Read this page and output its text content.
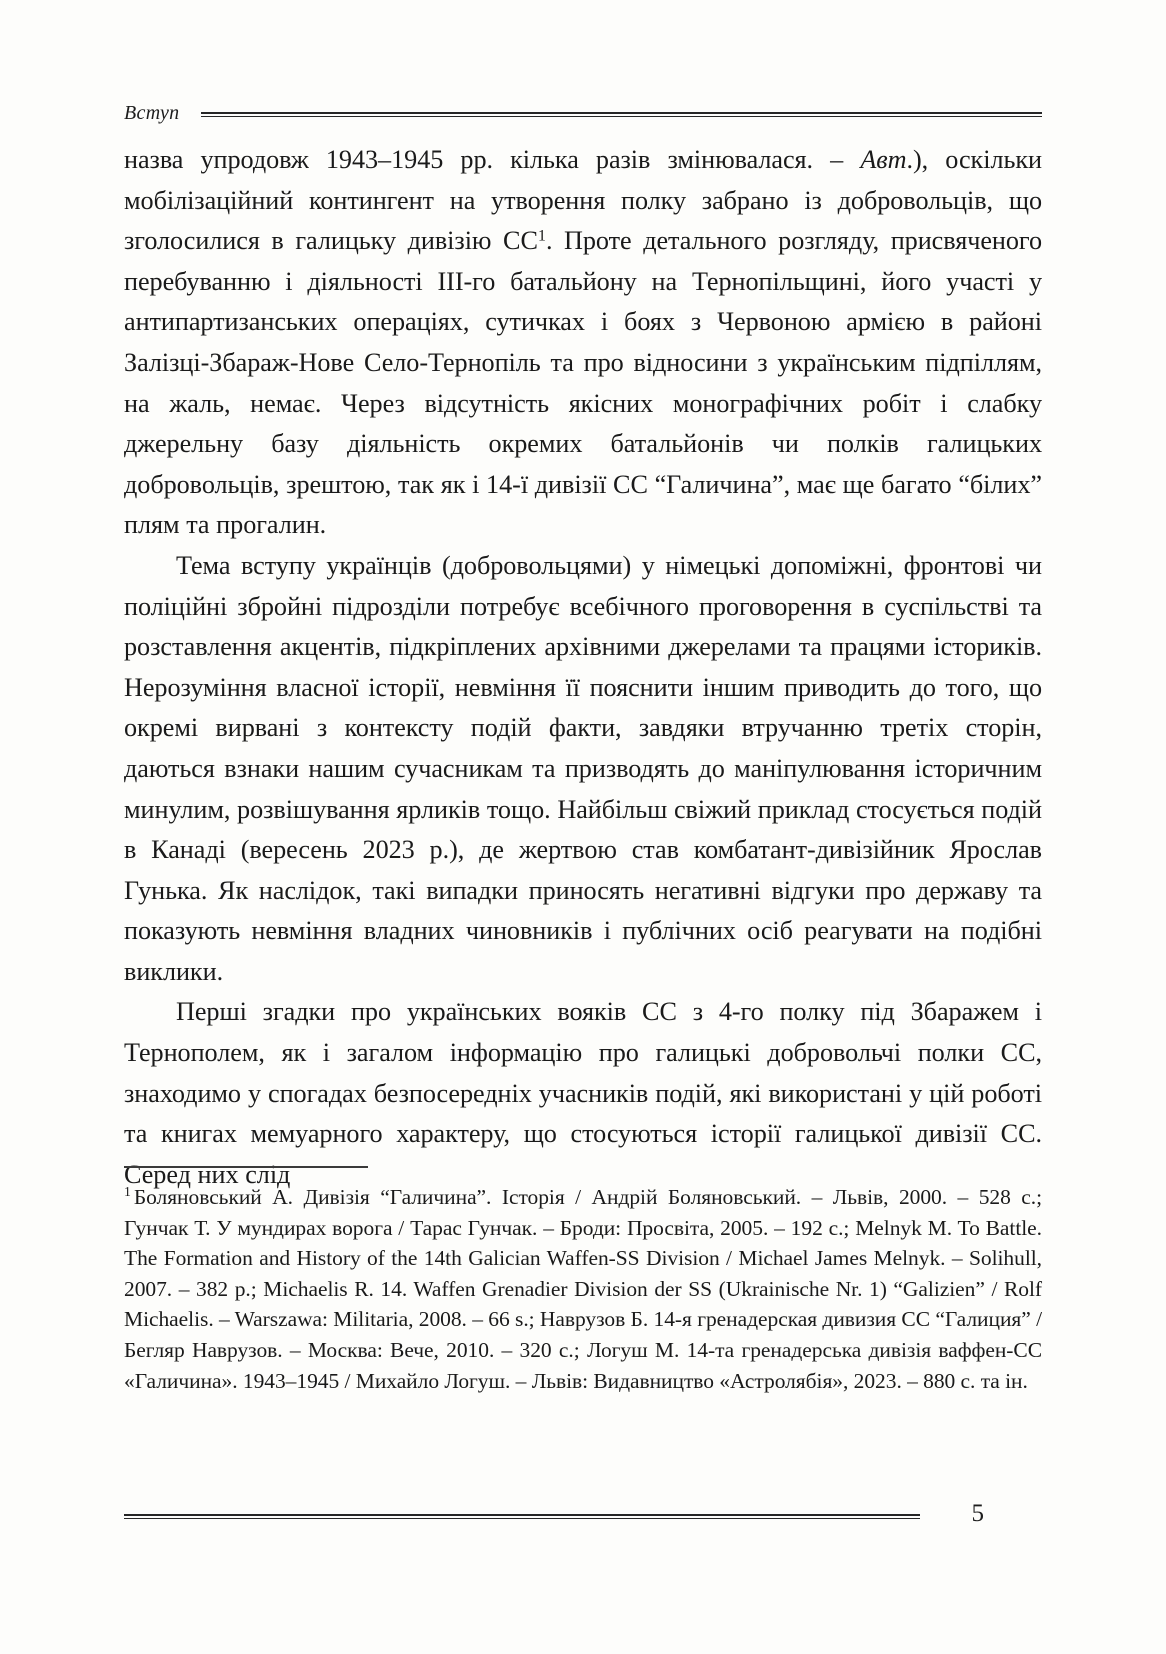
Вступ

назва упродовж 1943–1945 рр. кілька разів змінювалася. – Авт.), оскільки мобілізаційний контингент на утворення полку забрано із добровольців, що зголосилися в галицьку дивізію СС$^1$. Проте детального розгляду, присвяченого перебуванню і діяльності ІІІ-го батальйону на Тернопільщині, його участі у антипартизанських операціях, сутичках і боях з Червоною армією в районі Залізці-Збараж-Нове Село-Тернопіль та про відносини з українським підпіллям, на жаль, немає. Через відсутність якісних монографічних робіт і слабку джерельну базу діяльність окремих батальйонів чи полків галицьких добровольців, зрештою, так як і 14-ї дивізії СС “Галичина”, має ще багато “білих” плям та прогалин.

Тема вступу українців (добровольцями) у німецькі допоміжні, фронтові чи поліційні збройні підрозділи потребує всебічного проговорення в суспільстві та розставлення акцентів, підкріплених архівними джерелами та працями істориків. Нерозуміння власної історії, невміння її пояснити іншим приводить до того, що окремі вирвані з контексту подій факти, завдяки втручанню третіх сторін, даються взнаки нашим сучасникам та призводять до маніпулювання історичним минулим, розвішування ярликів тощо. Найбільш свіжий приклад стосується подій в Канаді (вересень 2023 р.), де жертвою став комбатант-дивізійник Ярослав Гунька. Як наслідок, такі випадки приносять негативні відгуки про державу та показують невміння владних чиновників і публічних осіб реагувати на подібні виклики.

Перші згадки про українських вояків СС з 4-го полку під Збаражем і Тернополем, як і загалом інформацію про галицькі добровольчі полки СС, знаходимо у спогадах безпосередніх учасників подій, які використані у цій роботі та книгах мемуарного характеру, що стосуються історії галицької дивізії СС. Серед них слід

$^1$ Боляновський А. Дивізія “Галичина”. Історія / Андрій Боляновський. – Львів, 2000. – 528 с.; Гунчак Т. У мундирах ворога / Тарас Гунчак. – Броди: Просвіта, 2005. – 192 с.; Melnyk M. To Battle. The Formation and History of the 14th Galician Waffen-SS Division / Michael James Melnyk. – Solihull, 2007. – 382 p.; Michaelis R. 14. Waffen Grenadier Division der SS (Ukrainische Nr. 1) “Galizien” / Rolf Michaelis. – Warszawa: Militaria, 2008. – 66 s.; Наврузов Б. 14-я гренадерская дивизия СС “Галиция” / Бегляр Наврузов. – Москва: Вече, 2010. – 320 с.; Логуш М. 14-та гренадерська дивізія ваффен-СС «Галичина». 1943–1945 / Михайло Логуш. – Львів: Видавництво «Астролябія», 2023. – 880 с. та ін.

5
